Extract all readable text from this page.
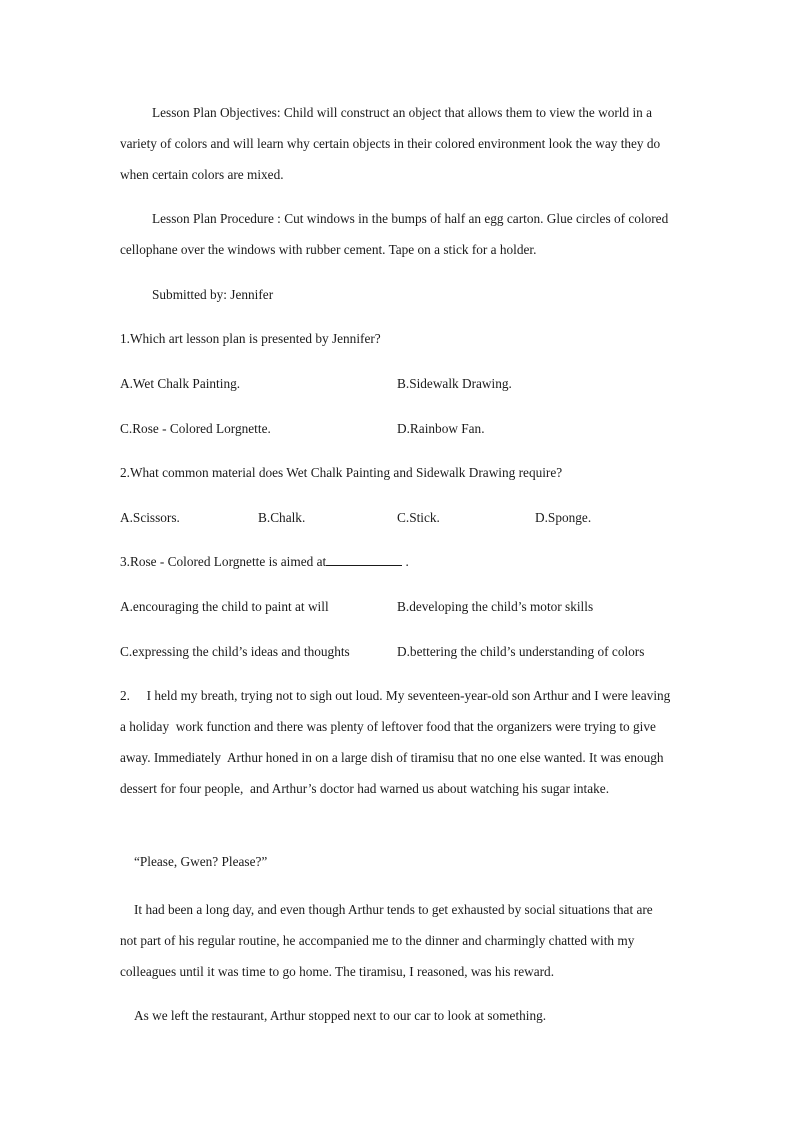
Lesson Plan Objectives: Child will construct an object that allows them to view the world in a variety of colors and will learn why certain objects in their colored environment look the way they do when certain colors are mixed.

Lesson Plan Procedure : Cut windows in the bumps of half an egg carton. Glue circles of colored cellophane over the windows with rubber cement. Tape on a stick for a holder.

Submitted by: Jennifer

1.Which art lesson plan is presented by Jennifer?

A.Wet Chalk Painting.	B.Sidewalk Drawing.

C.Rose - Colored Lorgnette.	D.Rainbow Fan.

2.What common material does Wet Chalk Painting and Sidewalk Drawing require?

A.Scissors.	B.Chalk.	C.Stick.	D.Sponge.

3.Rose - Colored Lorgnette is aimed at	.

A.encouraging the child to paint at will	B.developing the child’s motor skills

C.expressing the child’s ideas and thoughts	D.bettering the child’s understanding of colors

2.     I held my breath, trying not to sigh out loud. My seventeen-year-old son Arthur and I were leaving  a holiday  work function and there was plenty of leftover food that the organizers were trying to give away. Immediately  Arthur honed in on a large dish of tiramisu that no one else wanted. It was enough dessert for four people,  and Arthur’s doctor had warned us about watching his sugar intake.

“Please, Gwen? Please?”

It had been a long day, and even though Arthur tends to get exhausted by social situations that are not part of his regular routine, he accompanied me to the dinner and charmingly chatted with my colleagues until it was time to go home. The tiramisu, I reasoned, was his reward.

As we left the restaurant, Arthur stopped next to our car to look at something.
